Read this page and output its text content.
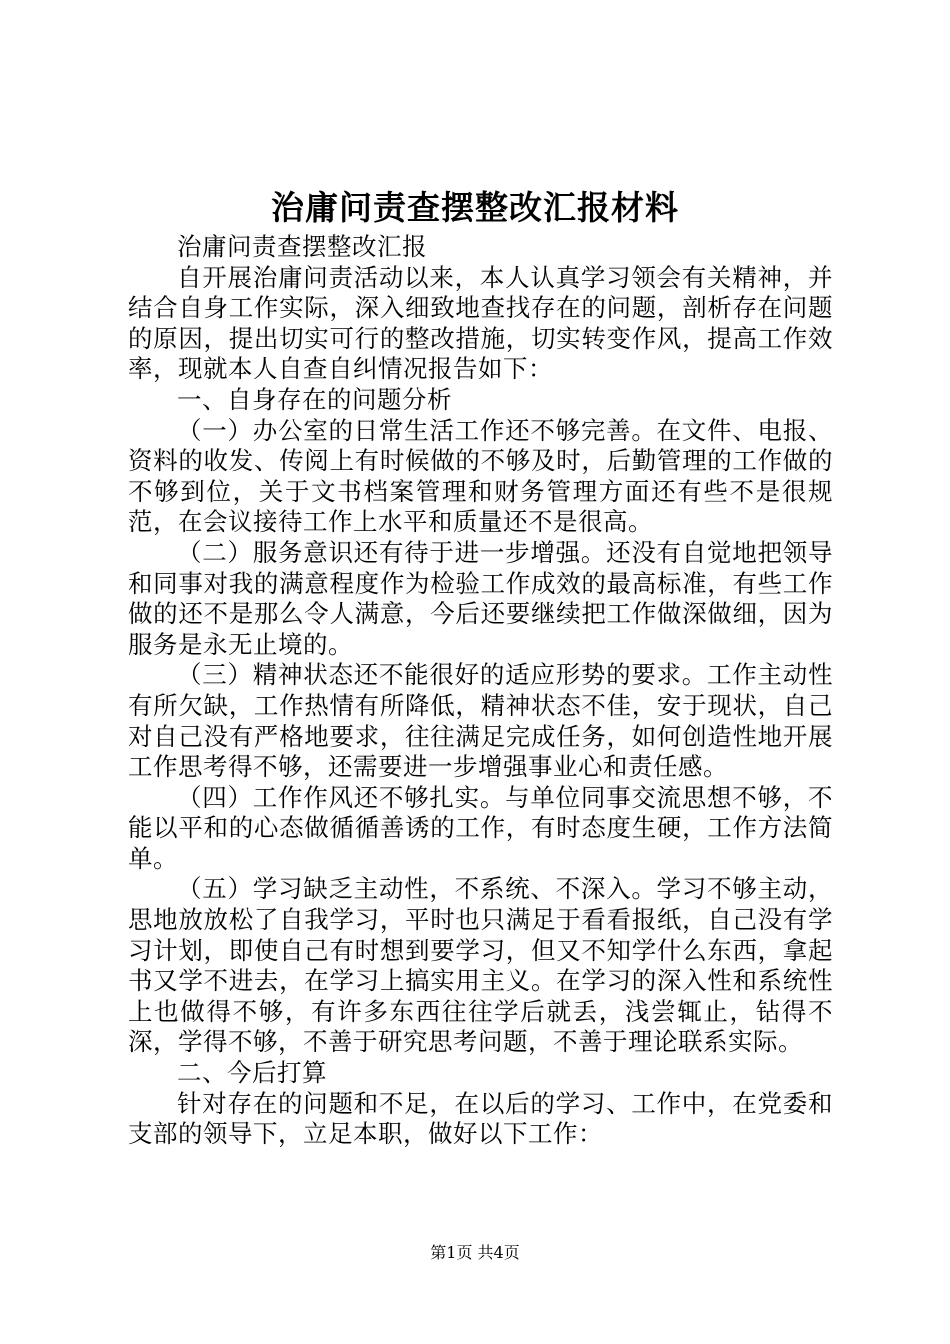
治庸问责查摆整改汇报材料

治庸问责查摆整改汇报

自开展治庸问责活动以来，本人认真学习领会有关精神，并结合自身工作实际，深入细致地查找存在的问题，剖析存在问题的原因，提出切实可行的整改措施，切实转变作风，提高工作效率，现就本人自查自纠情况报告如下：

一、自身存在的问题分析

（一）办公室的日常生活工作还不够完善。在文件、电报、资料的收发、传阅上有时候做的不够及时，后勤管理的工作做的不够到位，关于文书档案管理和财务管理方面还有些不是很规范，在会议接待工作上水平和质量还不是很高。

（二）服务意识还有待于进一步增强。还没有自觉地把领导和同事对我的满意程度作为检验工作成效的最高标准，有些工作做的还不是那么令人满意，今后还要继续把工作做深做细，因为服务是永无止境的。

（三）精神状态还不能很好的适应形势的要求。工作主动性有所欠缺，工作热情有所降低，精神状态不佳，安于现状，自己对自己没有严格地要求，往往满足完成任务，如何创造性地开展工作思考得不够，还需要进一步增强事业心和责任感。

（四）工作作风还不够扎实。与单位同事交流思想不够，不能以平和的心态做循循善诱的工作，有时态度生硬，工作方法简单。

（五）学习缺乏主动性，不系统、不深入。学习不够主动，思地放放松了自我学习，平时也只满足于看看报纸，自己没有学习计划，即使自己有时想到要学习，但又不知学什么东西，拿起书又学不进去，在学习上搞实用主义。在学习的深入性和系统性上也做得不够，有许多东西往往学后就丢，浅尝辄止，钻得不深，学得不够，不善于研究思考问题，不善于理论联系实际。

二、今后打算

针对存在的问题和不足，在以后的学习、工作中，在党委和支部的领导下，立足本职，做好以下工作：

第1页 共4页
